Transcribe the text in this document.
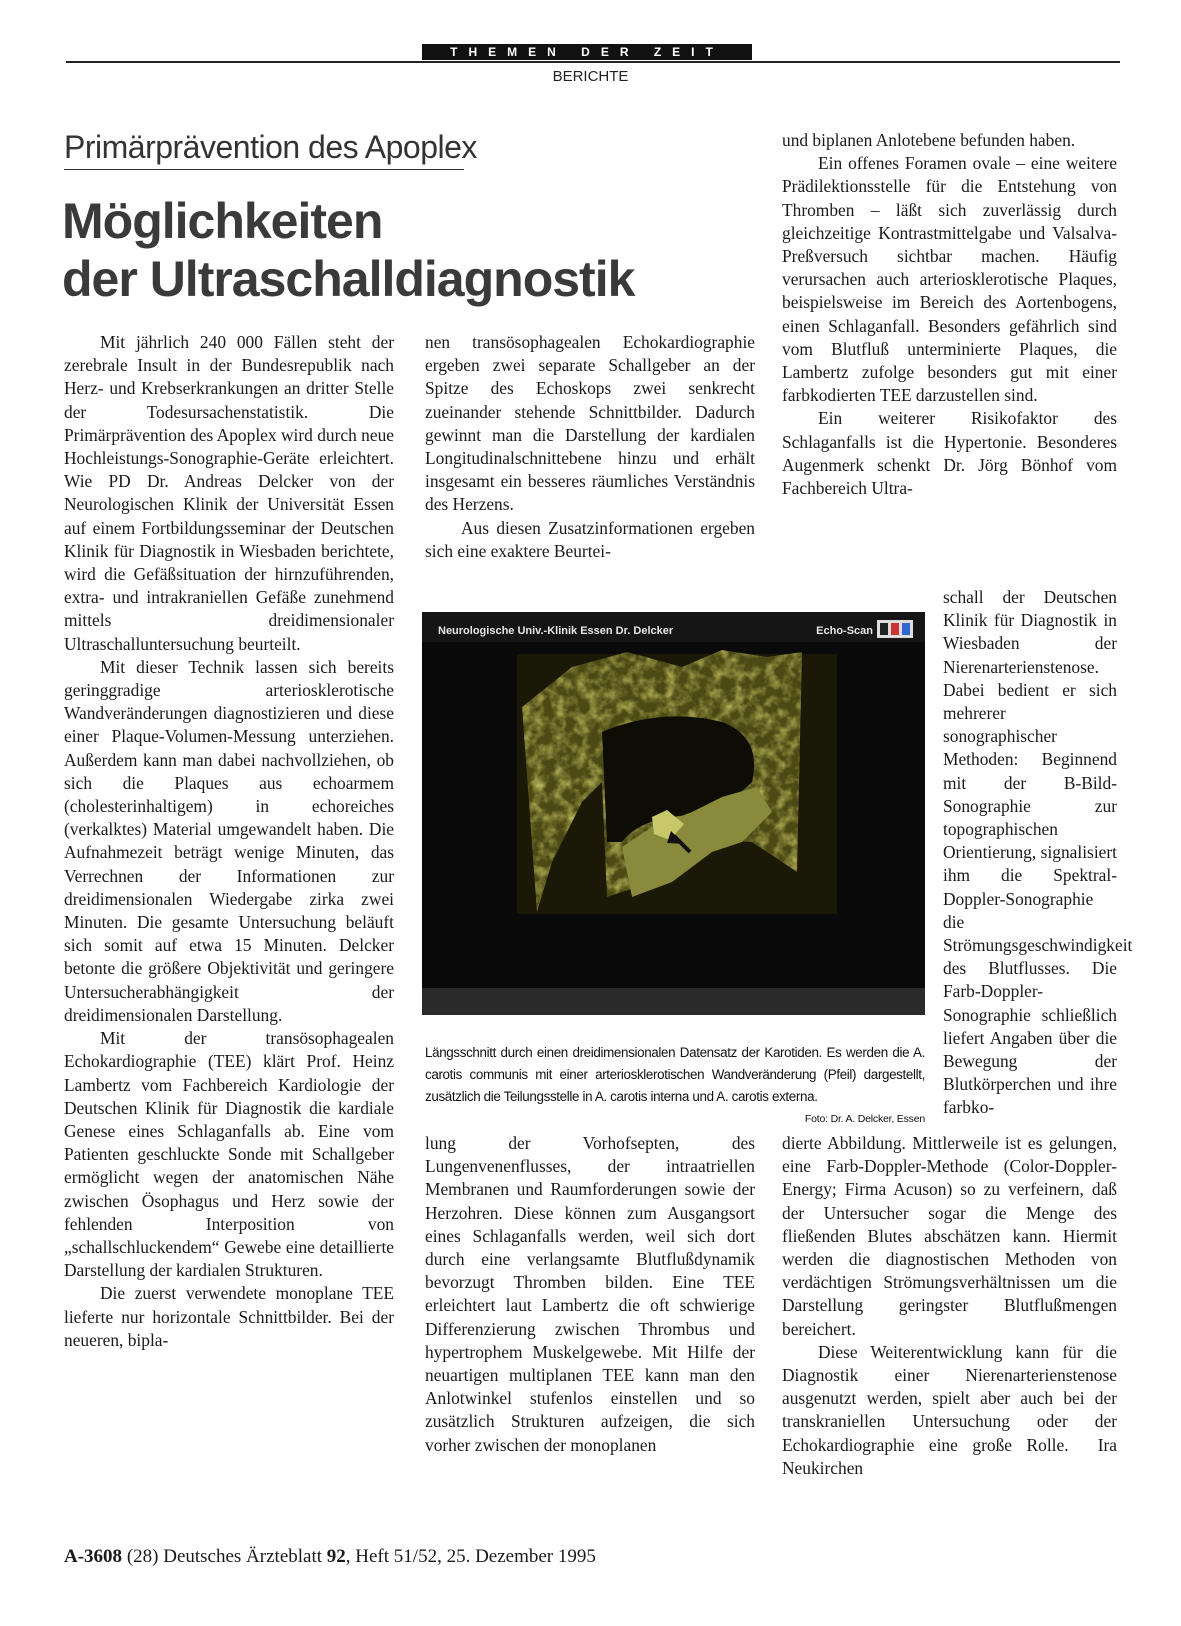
THEMEN DER ZEIT
BERICHTE
Primärprävention des Apoplex
Möglichkeiten
der Ultraschalldiagnostik

Mit jährlich 240 000 Fällen steht der zerebrale Insult in der Bundesrepublik nach Herz- und Krebserkrankungen an dritter Stelle der Todesursachenstatistik. Die Primärprävention des Apoplex wird durch neue Hochleistungs-Sonographie-Geräte erleichtert. Wie PD Dr. Andreas Delcker von der Neurologischen Klinik der Universität Essen auf einem Fortbildungsseminar der Deutschen Klinik für Diagnostik in Wiesbaden berichtete, wird die Gefäßsituation der hirnzuführenden, extra- und intrakraniellen Gefäße zunehmend mittels dreidimensionaler Ultraschalluntersuchung beurteilt.

Mit dieser Technik lassen sich bereits geringgradige arteriosklerotische Wandveränderungen diagnostizieren und diese einer Plaque-Volumen-Messung unterziehen. Außerdem kann man dabei nachvollziehen, ob sich die Plaques aus echoarmem (cholesterinhaltigem) in echoreiches (verkalktes) Material umgewandelt haben. Die Aufnahmezeit beträgt wenige Minuten, das Verrechnen der Informationen zur dreidimensionalen Wiedergabe zirka zwei Minuten. Die gesamte Untersuchung beläuft sich somit auf etwa 15 Minuten. Delcker betonte die größere Objektivität und geringere Untersucherabhängigkeit der dreidimensionalen Darstellung.

Mit der transösophagealen Echokardiographie (TEE) klärt Prof. Heinz Lambertz vom Fachbereich Kardiologie der Deutschen Klinik für Diagnostik die kardiale Genese eines Schlaganfalls ab. Eine vom Patienten geschluckte Sonde mit Schallgeber ermöglicht wegen der anatomischen Nähe zwischen Ösophagus und Herz sowie der fehlenden Interposition von „schallschluckendem“ Gewebe eine detaillierte Darstellung der kardialen Strukturen.

Die zuerst verwendete monoplane TEE lieferte nur horizontale Schnittbilder. Bei der neueren, bipla-

nen transösophagealen Echokardiographie ergeben zwei separate Schallgeber an der Spitze des Echoskops zwei senkrecht zueinander stehende Schnittbilder. Dadurch gewinnt man die Darstellung der kardialen Longitudinalschnittebene hinzu und erhält insgesamt ein besseres räumliches Verständnis des Herzens.

Aus diesen Zusatzinformationen ergeben sich eine exaktere Beurtei-

Neurologische Univ.-Klinik Essen Dr. Delcker	Echo-Scan
Längsschnitt durch einen dreidimensionalen Datensatz der Karotiden. Es werden die A. carotis communis mit einer arteriosklerotischen Wandveränderung (Pfeil) dargestellt, zusätzlich die Teilungsstelle in A. carotis interna und A. carotis externa.
Foto: Dr. A. Delcker, Essen

lung der Vorhofsepten, des Lungenvenenflusses, der intraatriellen Membranen und Raumforderungen sowie der Herzohren. Diese können zum Ausgangsort eines Schlaganfalls werden, weil sich dort durch eine verlangsamte Blutflußdynamik bevorzugt Thromben bilden. Eine TEE erleichtert laut Lambertz die oft schwierige Differenzierung zwischen Thrombus und hypertrophem Muskelgewebe. Mit Hilfe der neuartigen multiplanen TEE kann man den Anlotwinkel stufenlos einstellen und so zusätzlich Strukturen aufzeigen, die sich vorher zwischen der monoplanen

und biplanen Anlotebene befunden haben.

Ein offenes Foramen ovale – eine weitere Prädilektionsstelle für die Entstehung von Thromben – läßt sich zuverlässig durch gleichzeitige Kontrastmittelgabe und Valsalva-Preßversuch sichtbar machen. Häufig verursachen auch arteriosklerotische Plaques, beispielsweise im Bereich des Aortenbogens, einen Schlaganfall. Besonders gefährlich sind vom Blutfluß unterminierte Plaques, die Lambertz zufolge besonders gut mit einer farbkodierten TEE darzustellen sind.

Ein weiterer Risikofaktor des Schlaganfalls ist die Hypertonie. Besonderes Augenmerk schenkt Dr. Jörg Bönhof vom Fachbereich Ultra-

schall der Deutschen Klinik für Diagnostik in Wiesbaden der Nierenarterienstenose. Dabei bedient er sich mehrerer sonographischer Methoden: Beginnend mit der B-Bild-Sonographie zur topographischen Orientierung, signalisiert ihm die Spektral-Doppler-Sonographie die Strömungsgeschwindigkeit des Blutflusses. Die Farb-Doppler-Sonographie schließlich liefert Angaben über die Bewegung der Blutkörperchen und ihre farbko-

dierte Abbildung. Mittlerweile ist es gelungen, eine Farb-Doppler-Methode (Color-Doppler-Energy; Firma Acuson) so zu verfeinern, daß der Untersucher sogar die Menge des fließenden Blutes abschätzen kann. Hiermit werden die diagnostischen Methoden von verdächtigen Strömungsverhältnissen um die Darstellung geringster Blutflußmengen bereichert.

Diese Weiterentwicklung kann für die Diagnostik einer Nierenarterienstenose ausgenutzt werden, spielt aber auch bei der transkraniellen Untersuchung oder der Echokardiographie eine große Rolle. Ira Neukirchen

A-3608 (28) Deutsches Ärzteblatt 92, Heft 51/52, 25. Dezember 1995
